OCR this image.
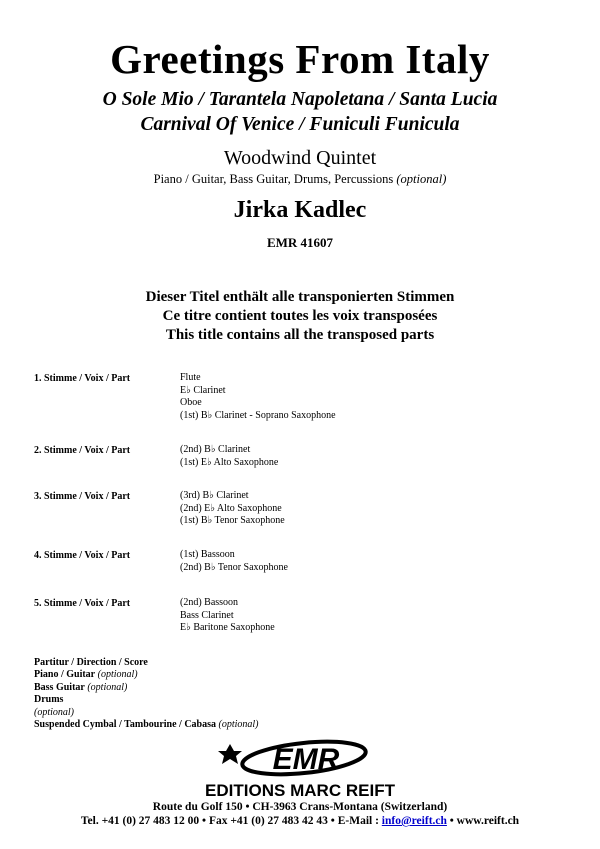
Greetings From Italy
O Sole Mio / Tarantela Napoletana / Santa Lucia
Carnival Of Venice / Funiculi Funicula
Woodwind Quintet
Piano / Guitar, Bass Guitar, Drums, Percussions (optional)
Jirka Kadlec
EMR 41607
Dieser Titel enthält alle transponierten Stimmen
Ce titre contient toutes les voix transposées
This title contains all the transposed parts
1. Stimme / Voix / Part	Flute
E♭ Clarinet
Oboe
(1st) B♭ Clarinet - Soprano Saxophone
2. Stimme / Voix / Part	(2nd) B♭ Clarinet
(1st) E♭ Alto Saxophone
3. Stimme / Voix / Part	(3rd) B♭ Clarinet
(2nd) E♭ Alto Saxophone
(1st) B♭ Tenor Saxophone
4. Stimme / Voix / Part	(1st) Bassoon
(2nd) B♭ Tenor Saxophone
5. Stimme / Voix / Part	(2nd) Bassoon
Bass Clarinet
E♭ Baritone Saxophone
Partitur / Direction / Score
Piano / Guitar (optional)
Bass Guitar (optional)
Drums
(optional)
Suspended Cymbal / Tambourine / Cabasa (optional)
EMR
EDITIONS MARC REIFT
Route du Golf 150 • CH-3963 Crans-Montana (Switzerland)
Tel. +41 (0) 27 483 12 00 • Fax +41 (0) 27 483 42 43 • E-Mail : info@reift.ch • www.reift.ch
